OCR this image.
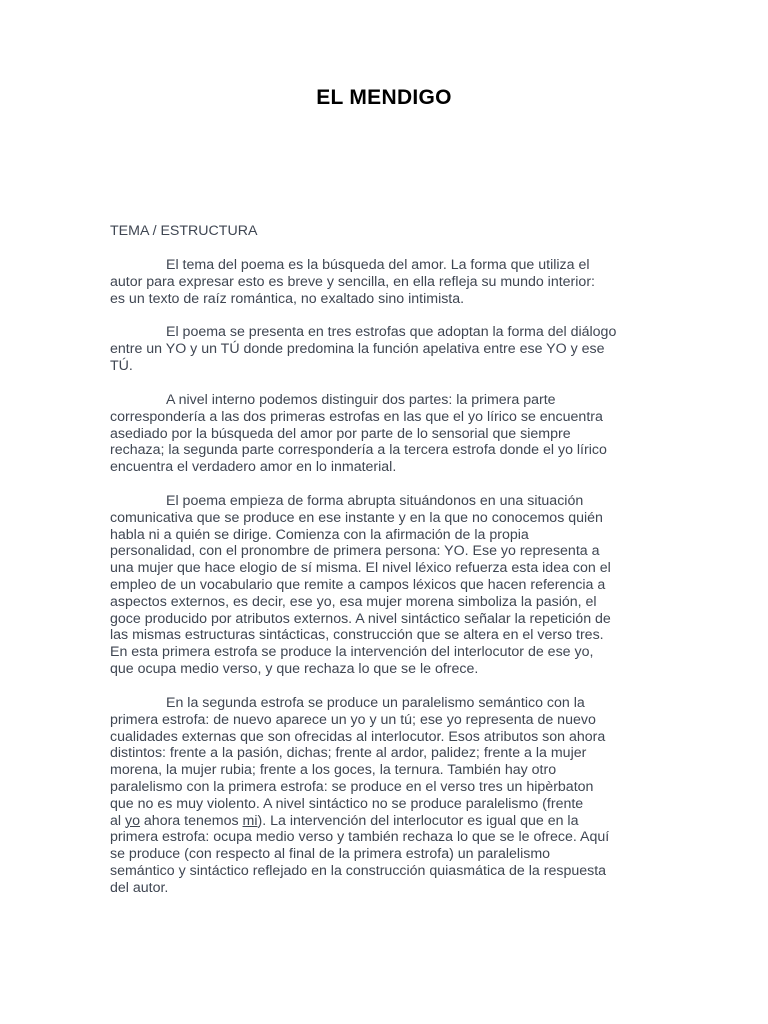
EL MENDIGO

TEMA / ESTRUCTURA

El tema del poema es la búsqueda del amor. La forma que utiliza el
autor para expresar esto es breve y sencilla, en ella refleja su mundo interior:
es un texto de raíz romántica, no exaltado sino intimista.

El poema se presenta en tres estrofas que adoptan la forma del diálogo
entre un YO y un TÚ donde predomina la función apelativa entre ese YO y ese
TÚ.

A nivel interno podemos distinguir dos partes: la primera parte
correspondería a las dos primeras estrofas en las que el yo lírico se encuentra
asediado por la búsqueda del amor por parte de lo sensorial que siempre
rechaza; la segunda parte correspondería a la tercera estrofa donde el yo lírico
encuentra el verdadero amor en lo inmaterial.

El poema empieza de forma abrupta situándonos en una situación
comunicativa que se produce en ese instante y en la que no conocemos quién
habla ni a quién se dirige. Comienza con la afirmación de la propia
personalidad, con el pronombre de primera persona: YO. Ese yo representa a
una mujer que hace elogio de sí misma. El nivel léxico refuerza esta idea con el
empleo de un vocabulario que remite a campos léxicos que hacen referencia a
aspectos externos, es decir, ese yo, esa mujer morena simboliza la pasión, el
goce producido por atributos externos. A nivel sintáctico señalar la repetición de
las mismas estructuras sintácticas, construcción que se altera en el verso tres.
En esta primera estrofa se produce la intervención del interlocutor de ese yo,
que ocupa medio verso, y que rechaza lo que se le ofrece.

En la segunda estrofa se produce un paralelismo semántico con la
primera estrofa: de nuevo aparece un yo y un tú; ese yo representa de nuevo
cualidades externas que son ofrecidas al interlocutor. Esos atributos son ahora
distintos: frente a la pasión, dichas; frente al ardor, palidez; frente a la mujer
morena, la mujer rubia; frente a los goces, la ternura. También hay otro
paralelismo con la primera estrofa: se produce en el verso tres un hipèrbaton
que no es muy violento. A nivel sintáctico no se produce paralelismo (frente
al yo ahora tenemos mi). La intervención del interlocutor es igual que en la
primera estrofa: ocupa medio verso y también rechaza lo que se le ofrece. Aquí
se produce (con respecto al final de la primera estrofa) un paralelismo
semántico y sintáctico reflejado en la construcción quiasmática de la respuesta
del autor.
